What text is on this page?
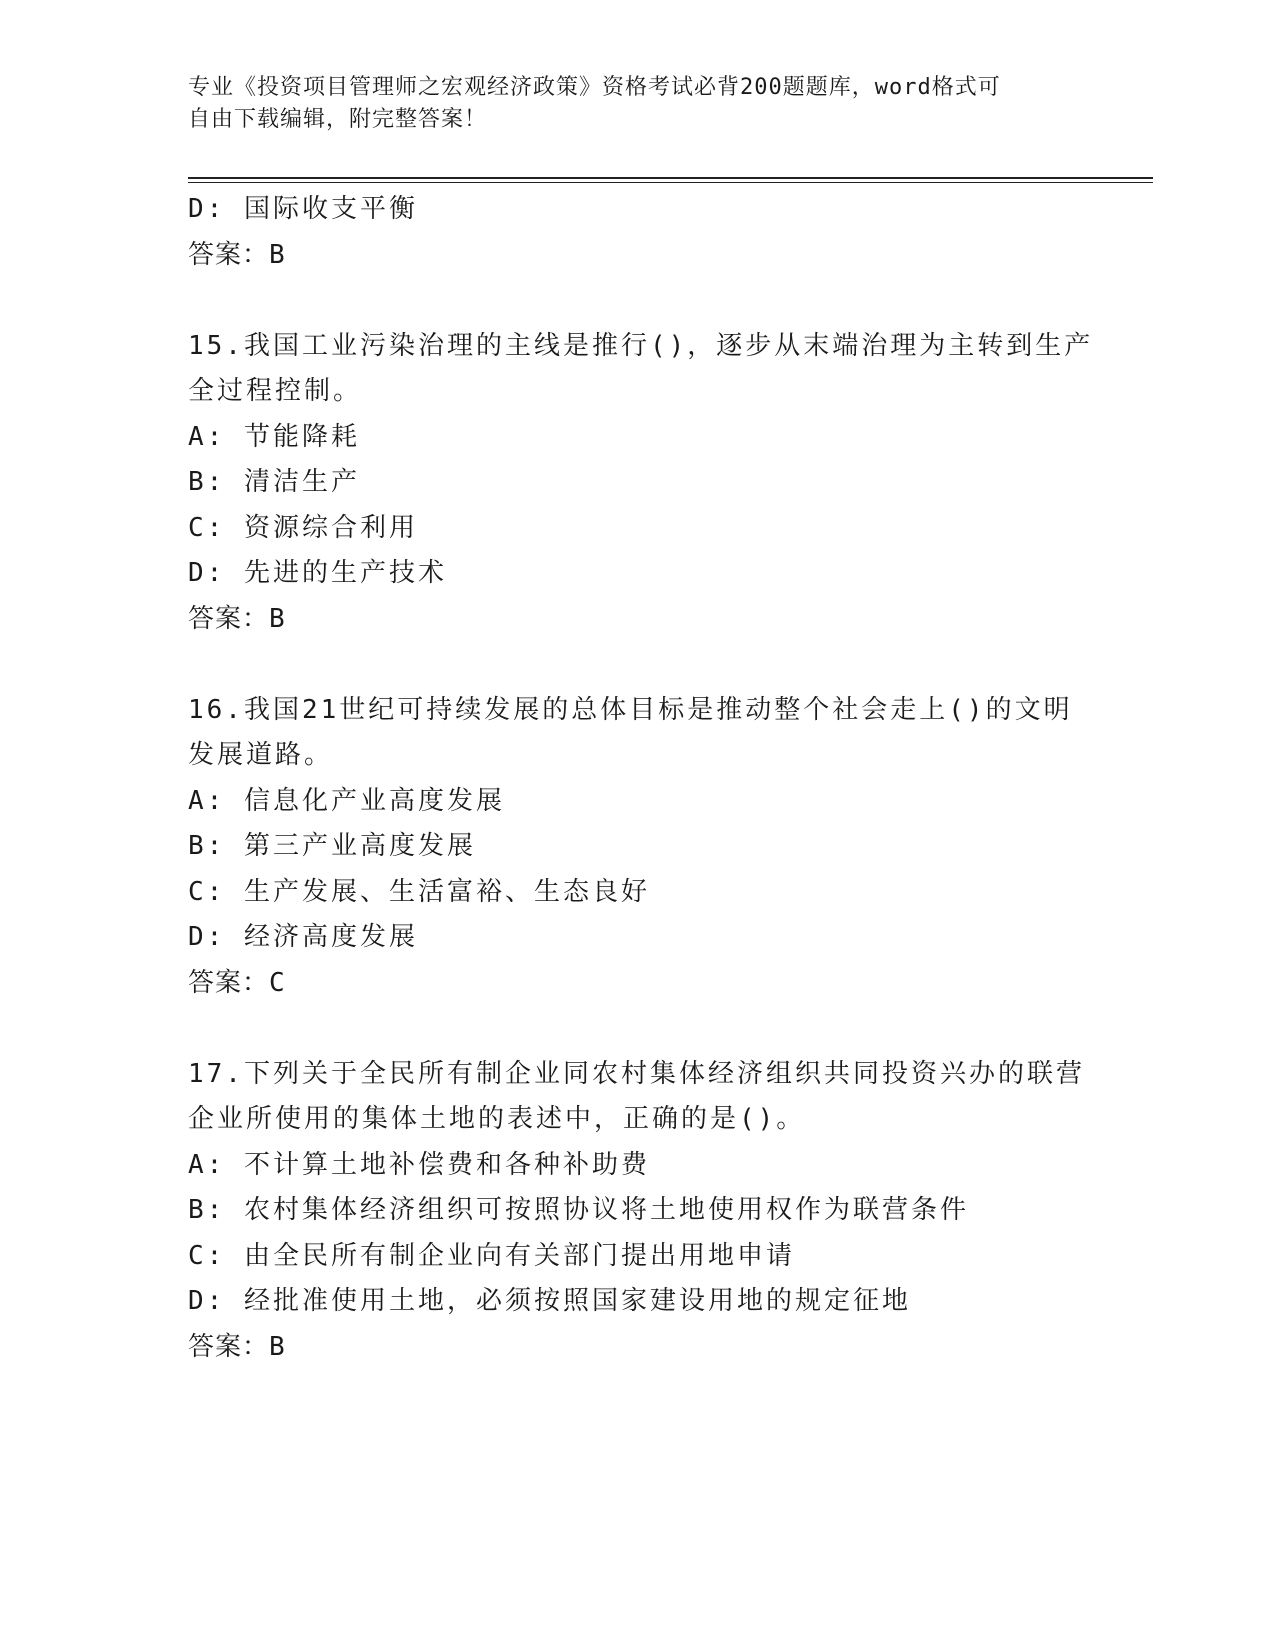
专业《投资项目管理师之宏观经济政策》资格考试必背200题题库，word格式可
自由下载编辑，附完整答案！
D: 国际收支平衡
答案：B
15.我国工业污染治理的主线是推行()，逐步从末端治理为主转到生产
全过程控制。
A: 节能降耗
B: 清洁生产
C: 资源综合利用
D: 先进的生产技术
答案：B
16.我国21世纪可持续发展的总体目标是推动整个社会走上()的文明
发展道路。
A: 信息化产业高度发展
B: 第三产业高度发展
C: 生产发展、生活富裕、生态良好
D: 经济高度发展
答案：C
17.下列关于全民所有制企业同农村集体经济组织共同投资兴办的联营
企业所使用的集体土地的表述中，正确的是()。
A: 不计算土地补偿费和各种补助费
B: 农村集体经济组织可按照协议将土地使用权作为联营条件
C: 由全民所有制企业向有关部门提出用地申请
D: 经批准使用土地，必须按照国家建设用地的规定征地
答案：B
